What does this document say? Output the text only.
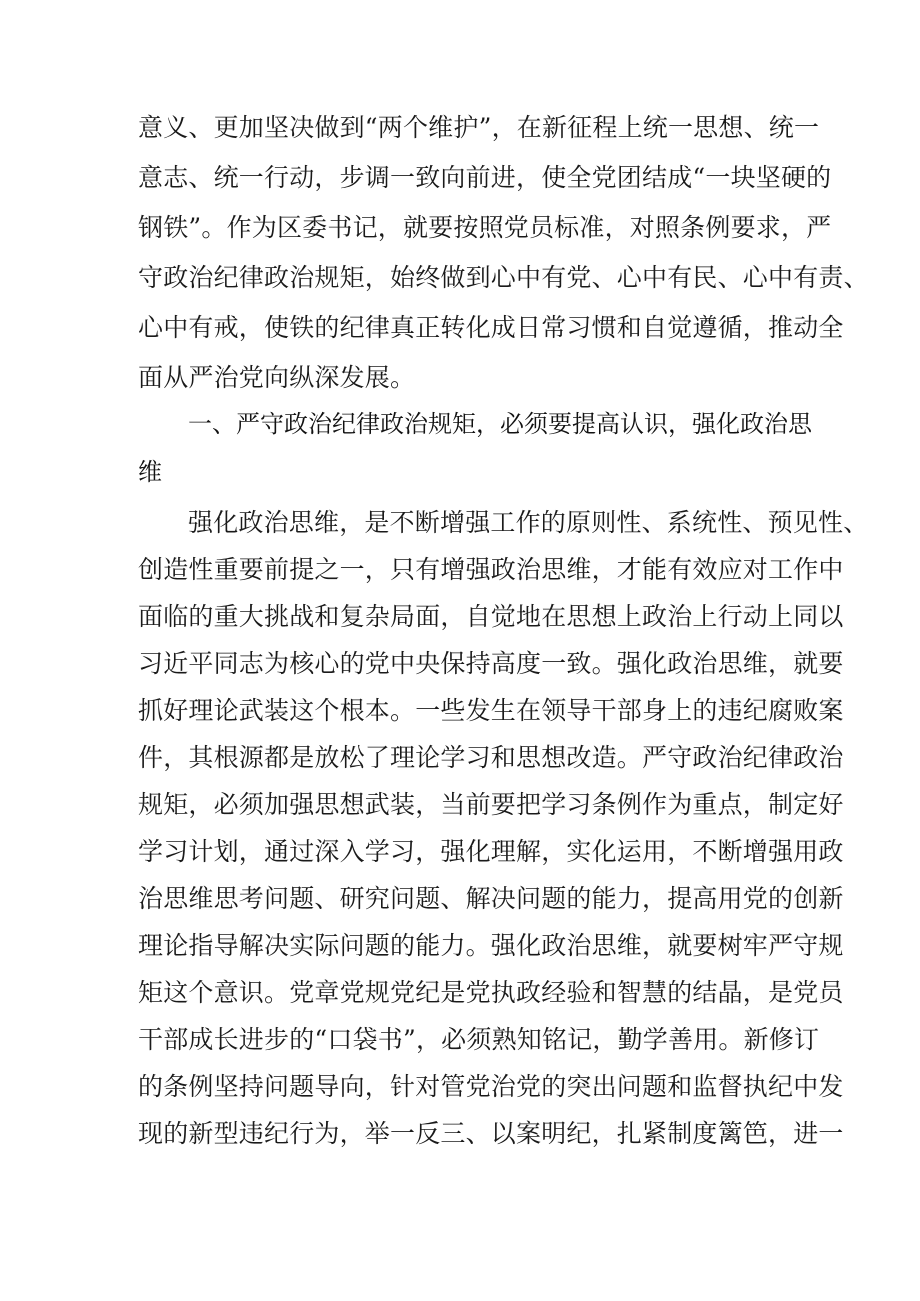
意义、更加坚决做到“两个维护”，在新征程上统一思想、统一
意志、统一行动，步调一致向前进，使全党团结成“一块坚硬的
钢铁”。作为区委书记，就要按照党员标准，对照条例要求，严
守政治纪律政治规矩，始终做到心中有党、心中有民、心中有责、
心中有戒，使铁的纪律真正转化成日常习惯和自觉遵循，推动全
面从严治党向纵深发展。
一、严守政治纪律政治规矩，必须要提高认识，强化政治思
维
强化政治思维，是不断增强工作的原则性、系统性、预见性、
创造性重要前提之一，只有增强政治思维，才能有效应对工作中
面临的重大挑战和复杂局面，自觉地在思想上政治上行动上同以
习近平同志为核心的党中央保持高度一致。强化政治思维，就要
抓好理论武装这个根本。一些发生在领导干部身上的违纪腐败案
件，其根源都是放松了理论学习和思想改造。严守政治纪律政治
规矩，必须加强思想武装，当前要把学习条例作为重点，制定好
学习计划，通过深入学习，强化理解，实化运用，不断增强用政
治思维思考问题、研究问题、解决问题的能力，提高用党的创新
理论指导解决实际问题的能力。强化政治思维，就要树牢严守规
矩这个意识。党章党规党纪是党执政经验和智慧的结晶，是党员
干部成长进步的“口袋书”，必须熟知铭记，勤学善用。新修订
的条例坚持问题导向，针对管党治党的突出问题和监督执纪中发
现的新型违纪行为，举一反三、以案明纪，扎紧制度篱笆，进一
